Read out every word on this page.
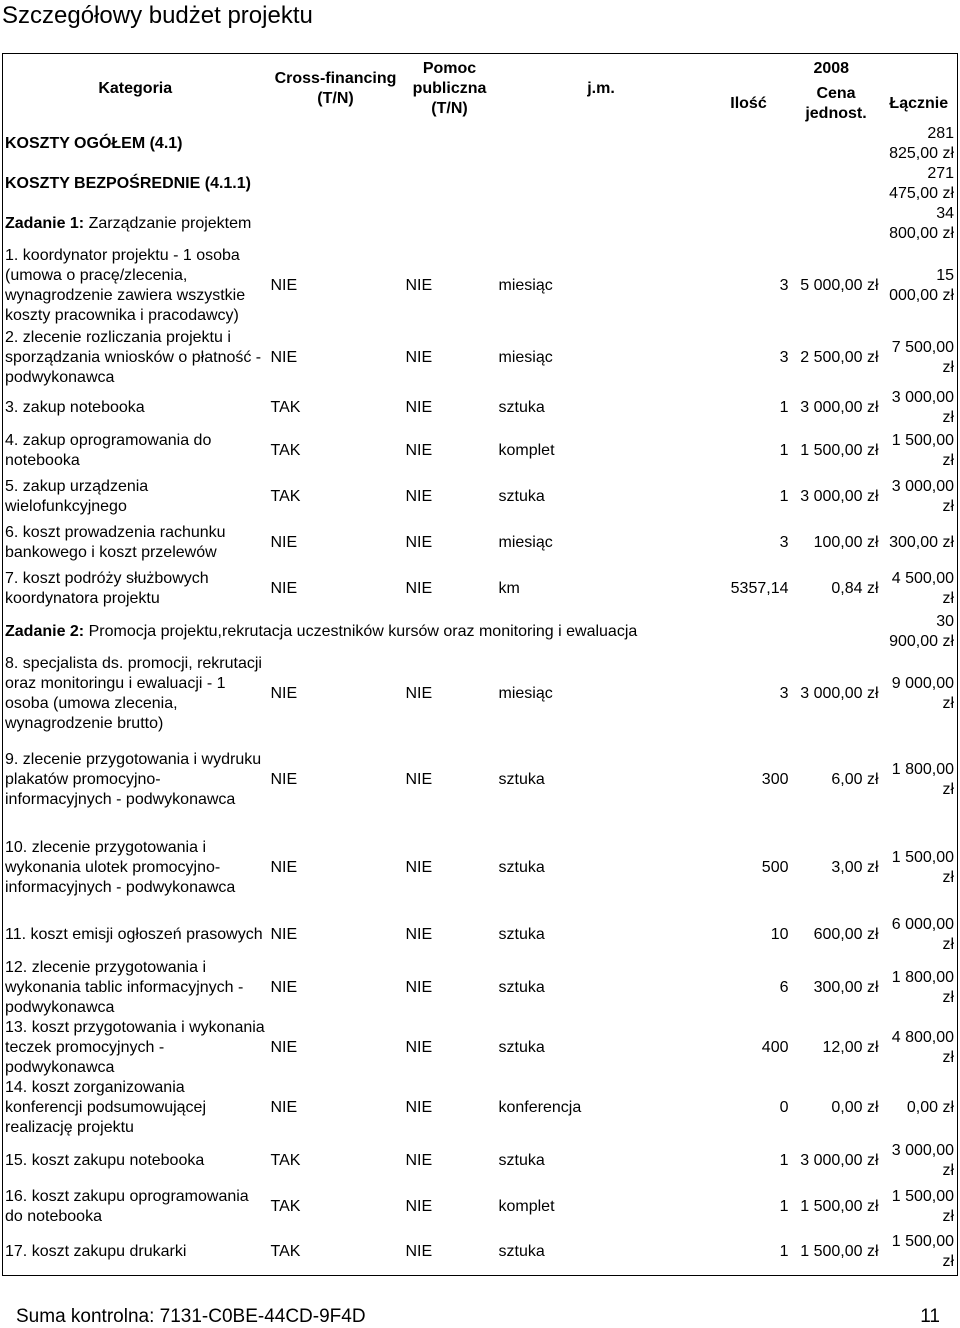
Szczegółowy budżet projektu
Kategoria	Cross-financing (T/N)	Pomoc publiczna (T/N)	j.m.	2008		
				Ilość	Cena jednost.	Łącznie
KOSZTY OGÓŁEM (4.1)						281 825,00 zł
KOSZTY BEZPOŚREDNIE (4.1.1)						271 475,00 zł
Zadanie 1: Zarządzanie projektem						34 800,00 zł
1. koordynator projektu - 1 osoba (umowa o pracę/zlecenia, wynagrodzenie zawiera wszystkie koszty pracownika i pracodawcy)	NIE	NIE	miesiąc	3	5 000,00 zł	15 000,00 zł
2. zlecenie rozliczania projektu i sporządzania wniosków o płatność - podwykonawca	NIE	NIE	miesiąc	3	2 500,00 zł	7 500,00 zł
3. zakup notebooka	TAK	NIE	sztuka	1	3 000,00 zł	3 000,00 zł
4. zakup oprogramowania do notebooka	TAK	NIE	komplet	1	1 500,00 zł	1 500,00 zł
5. zakup urządzenia wielofunkcyjnego	TAK	NIE	sztuka	1	3 000,00 zł	3 000,00 zł
6. koszt prowadzenia rachunku bankowego i koszt przelewów	NIE	NIE	miesiąc	3	100,00 zł	300,00 zł
7. koszt podróży służbowych koordynatora projektu	NIE	NIE	km	5357,14	0,84 zł	4 500,00 zł
Zadanie 2: Promocja projektu,rekrutacja uczestników kursów oraz monitoring i ewaluacja						30 900,00 zł
8. specjalista ds. promocji, rekrutacji oraz monitoringu i ewaluacji - 1 osoba (umowa zlecenia, wynagrodzenie brutto)	NIE	NIE	miesiąc	3	3 000,00 zł	9 000,00 zł
9. zlecenie przygotowania i wydruku plakatów promocyjno-informacyjnych - podwykonawca	NIE	NIE	sztuka	300	6,00 zł	1 800,00 zł
10. zlecenie przygotowania i wykonania ulotek promocyjno-informacyjnych - podwykonawca	NIE	NIE	sztuka	500	3,00 zł	1 500,00 zł
11. koszt emisji ogłoszeń prasowych	NIE	NIE	sztuka	10	600,00 zł	6 000,00 zł
12. zlecenie przygotowania i wykonania tablic informacyjnych - podwykonawca	NIE	NIE	sztuka	6	300,00 zł	1 800,00 zł
13. koszt przygotowania i wykonania teczek promocyjnych - podwykonawca	NIE	NIE	sztuka	400	12,00 zł	4 800,00 zł
14. koszt zorganizowania konferencji podsumowującej realizację projektu	NIE	NIE	konferencja	0	0,00 zł	0,00 zł
15. koszt zakupu notebooka	TAK	NIE	sztuka	1	3 000,00 zł	3 000,00 zł
16. koszt zakupu oprogramowania do notebooka	TAK	NIE	komplet	1	1 500,00 zł	1 500,00 zł
17. koszt zakupu drukarki	TAK	NIE	sztuka	1	1 500,00 zł	1 500,00 zł
Suma kontrolna: 7131-C0BE-44CD-9F4D	11
